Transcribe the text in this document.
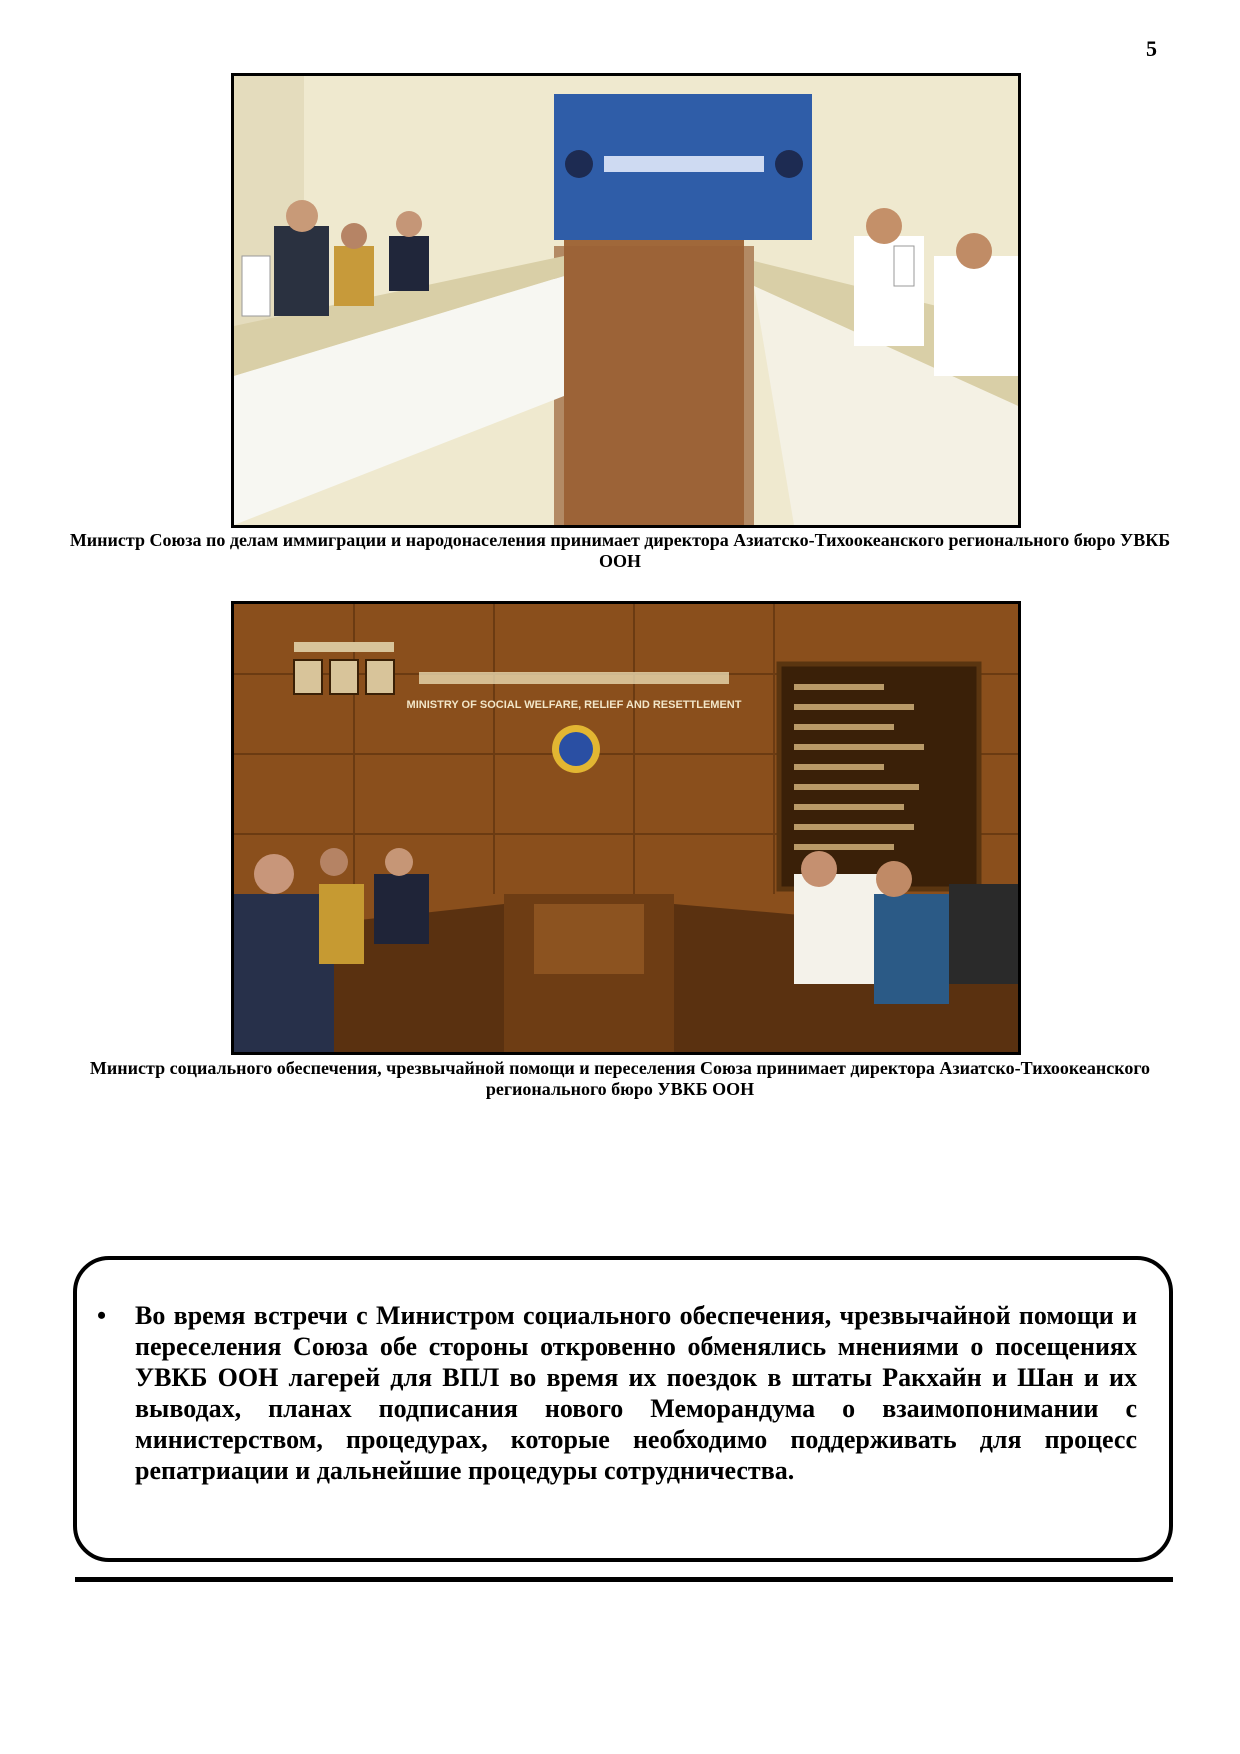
5
Министр Союза по делам иммиграции и народонаселения принимает директора Азиатско-Тихоокеанского регионального бюро УВКБ ООН
MINISTRY OF SOCIAL WELFARE, RELIEF AND RESETTLEMENT
Министр социального обеспечения, чрезвычайной помощи и переселения Союза принимает директора Азиатско-Тихоокеанского регионального бюро УВКБ ООН
• Во время встречи с Министром социального обеспечения, чрезвычайной помощи и переселения Союза обе стороны откровенно обменялись мнениями о посещениях УВКБ ООН лагерей для ВПЛ во время их поездок в штаты Ракхайн и Шан и их выводах, планах подписания нового Меморандума о взаимопонимании с министерством, процедурах, которые необходимо поддерживать для процесс репатриации и дальнейшие процедуры сотрудничества.
